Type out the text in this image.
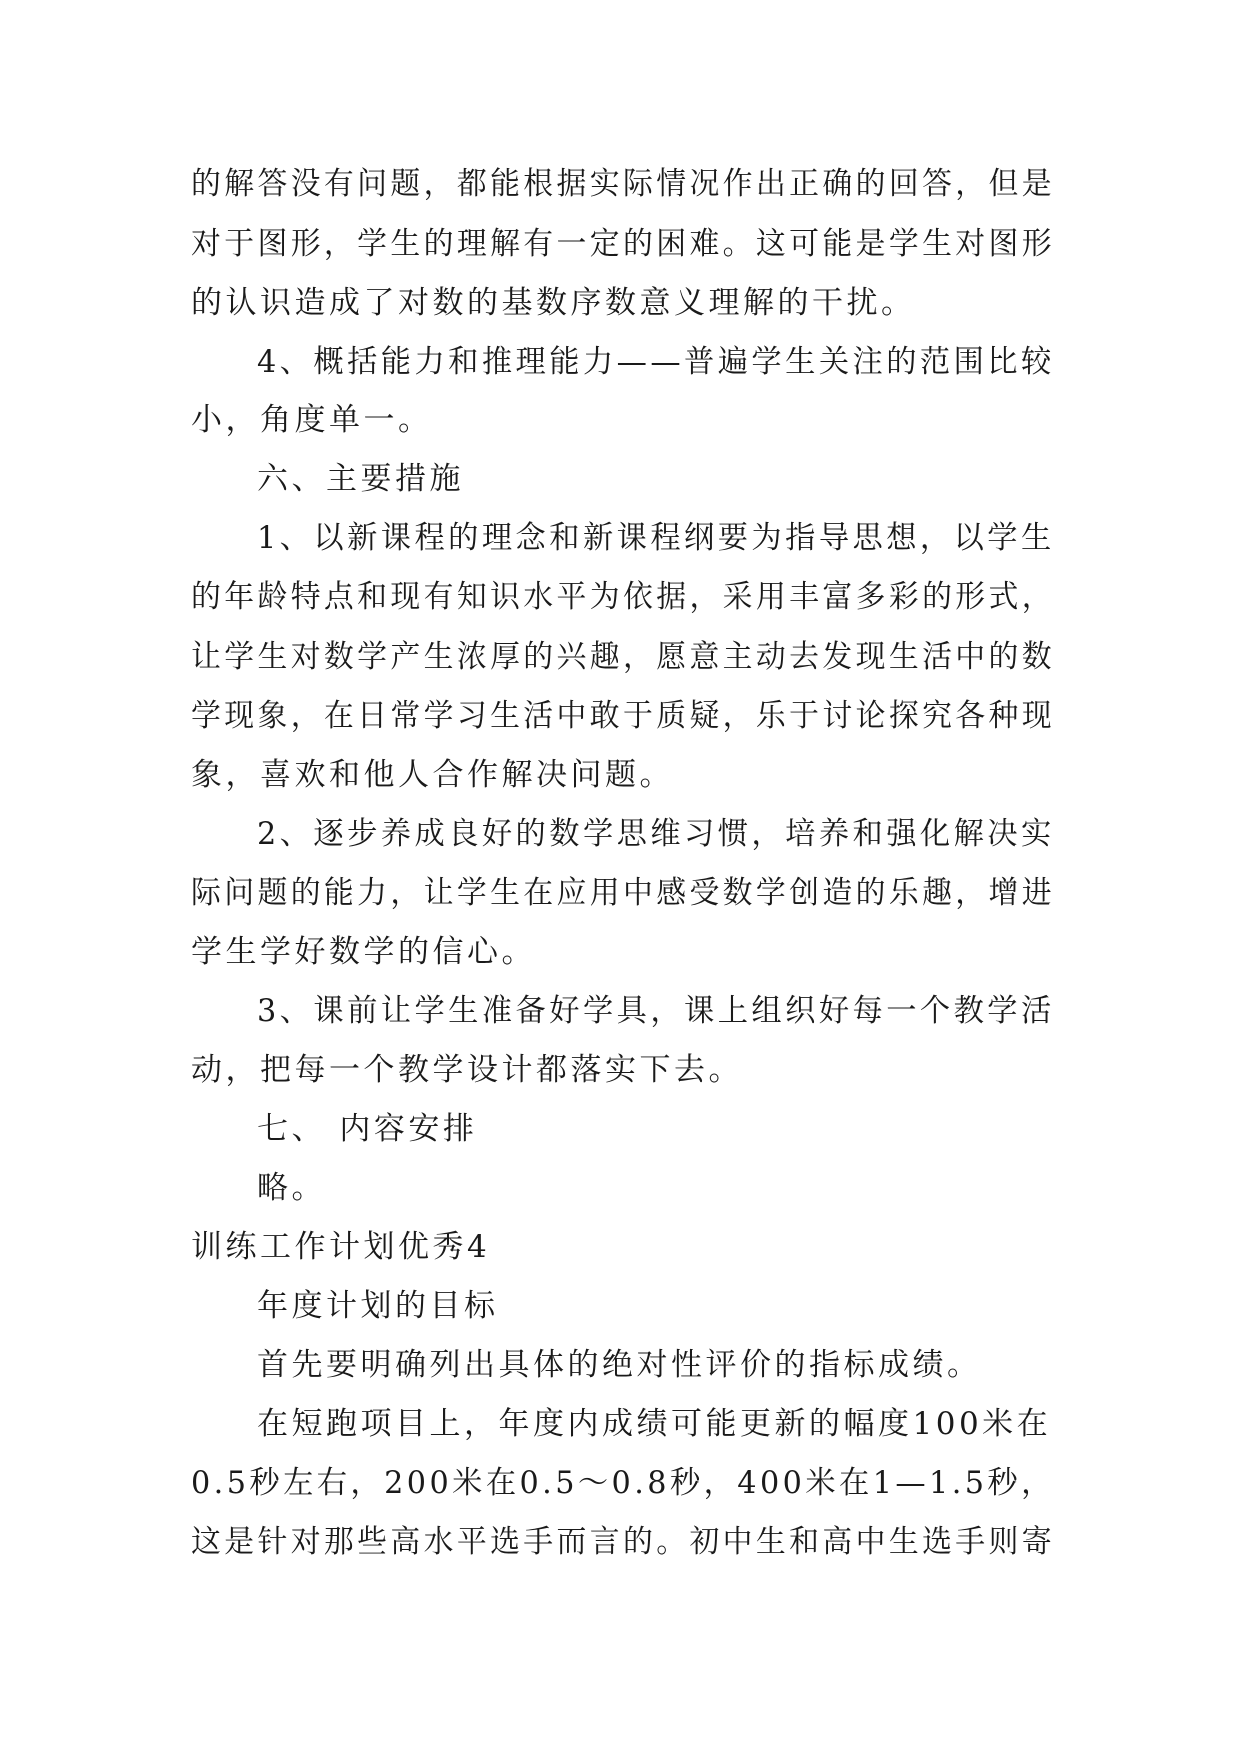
的解答没有问题，都能根据实际情况作出正确的回答，但是
对于图形，学生的理解有一定的困难。这可能是学生对图形
的认识造成了对数的基数序数意义理解的干扰。
4、概括能力和推理能力——普遍学生关注的范围比较
小，角度单一。
六、主要措施
1、以新课程的理念和新课程纲要为指导思想，以学生
的年龄特点和现有知识水平为依据，采用丰富多彩的形式，
让学生对数学产生浓厚的兴趣，愿意主动去发现生活中的数
学现象，在日常学习生活中敢于质疑，乐于讨论探究各种现
象，喜欢和他人合作解决问题。
2、逐步养成良好的数学思维习惯，培养和强化解决实
际问题的能力，让学生在应用中感受数学创造的乐趣，增进
学生学好数学的信心。
3、课前让学生准备好学具，课上组织好每一个教学活
动，把每一个教学设计都落实下去。
七、 内容安排
略。
训练工作计划优秀4
年度计划的目标
首先要明确列出具体的绝对性评价的指标成绩。
在短跑项目上，年度内成绩可能更新的幅度100米在
0.5秒左右，200米在0.5～0.8秒，400米在1—1.5秒，
这是针对那些高水平选手而言的。初中生和高中生选手则寄
